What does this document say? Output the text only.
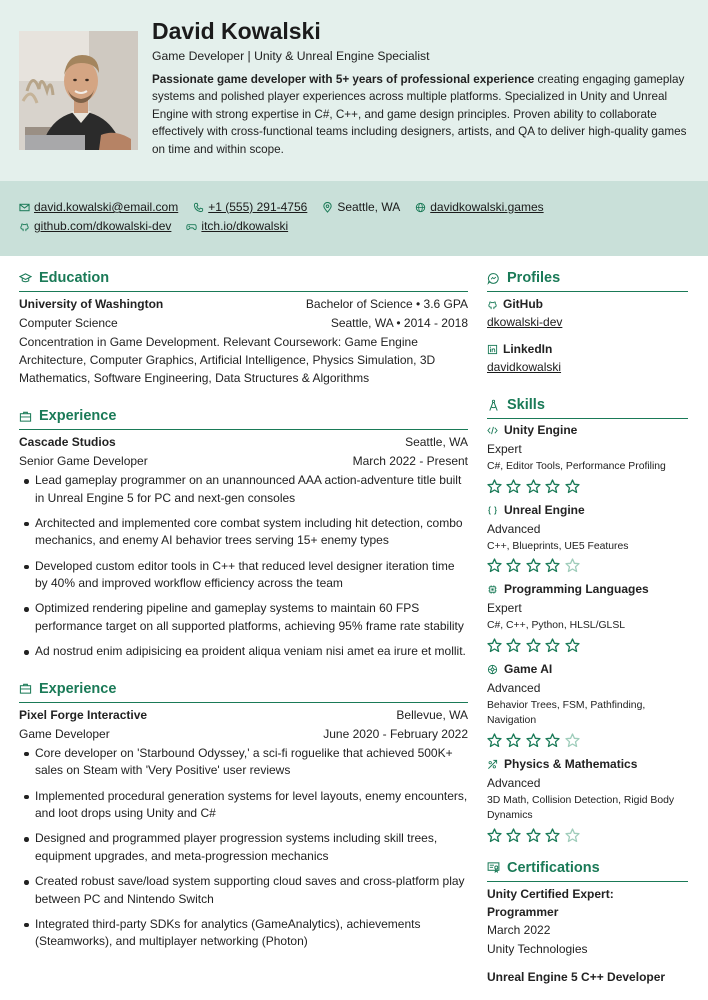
David Kowalski
Game Developer | Unity & Unreal Engine Specialist
Passionate game developer with 5+ years of professional experience creating engaging gameplay systems and polished player experiences across multiple platforms. Specialized in Unity and Unreal Engine with strong expertise in C#, C++, and game design principles. Proven ability to collaborate effectively with cross-functional teams including designers, artists, and QA to deliver high-quality games on time and within scope.
david.kowalski@email.com	+1 (555) 291-4756	Seattle, WA	davidkowalski.games
github.com/dkowalski-dev	itch.io/dkowalski
Education
University of Washington	Bachelor of Science • 3.6 GPA
Computer Science	Seattle, WA • 2014 - 2018
Concentration in Game Development. Relevant Coursework: Game Engine Architecture, Computer Graphics, Artificial Intelligence, Physics Simulation, 3D Mathematics, Software Engineering, Data Structures & Algorithms
Experience
Cascade Studios	Seattle, WA
Senior Game Developer	March 2022 - Present
Lead gameplay programmer on an unannounced AAA action-adventure title built in Unreal Engine 5 for PC and next-gen consoles
Architected and implemented core combat system including hit detection, combo mechanics, and enemy AI behavior trees serving 15+ enemy types
Developed custom editor tools in C++ that reduced level designer iteration time by 40% and improved workflow efficiency across the team
Optimized rendering pipeline and gameplay systems to maintain 60 FPS performance target on all supported platforms, achieving 95% frame rate stability
Ad nostrud enim adipisicing ea proident aliqua veniam nisi amet ea irure et mollit.
Experience
Pixel Forge Interactive	Bellevue, WA
Game Developer	June 2020 - February 2022
Core developer on 'Starbound Odyssey,' a sci-fi roguelike that achieved 500K+ sales on Steam with 'Very Positive' user reviews
Implemented procedural generation systems for level layouts, enemy encounters, and loot drops using Unity and C#
Designed and programmed player progression systems including skill trees, equipment upgrades, and meta-progression mechanics
Created robust save/load system supporting cloud saves and cross-platform play between PC and Nintendo Switch
Integrated third-party SDKs for analytics (GameAnalytics), achievements (Steamworks), and multiplayer networking (Photon)
Profiles
GitHub
dkowalski-dev
LinkedIn
davidkowalski
Skills
Unity Engine
Expert
C#, Editor Tools, Performance Profiling
Unreal Engine
Advanced
C++, Blueprints, UE5 Features
Programming Languages
Expert
C#, C++, Python, HLSL/GLSL
Game AI
Advanced
Behavior Trees, FSM, Pathfinding, Navigation
Physics & Mathematics
Advanced
3D Math, Collision Detection, Rigid Body Dynamics
Certifications
Unity Certified Expert: Programmer
March 2022
Unity Technologies
Unreal Engine 5 C++ Developer
